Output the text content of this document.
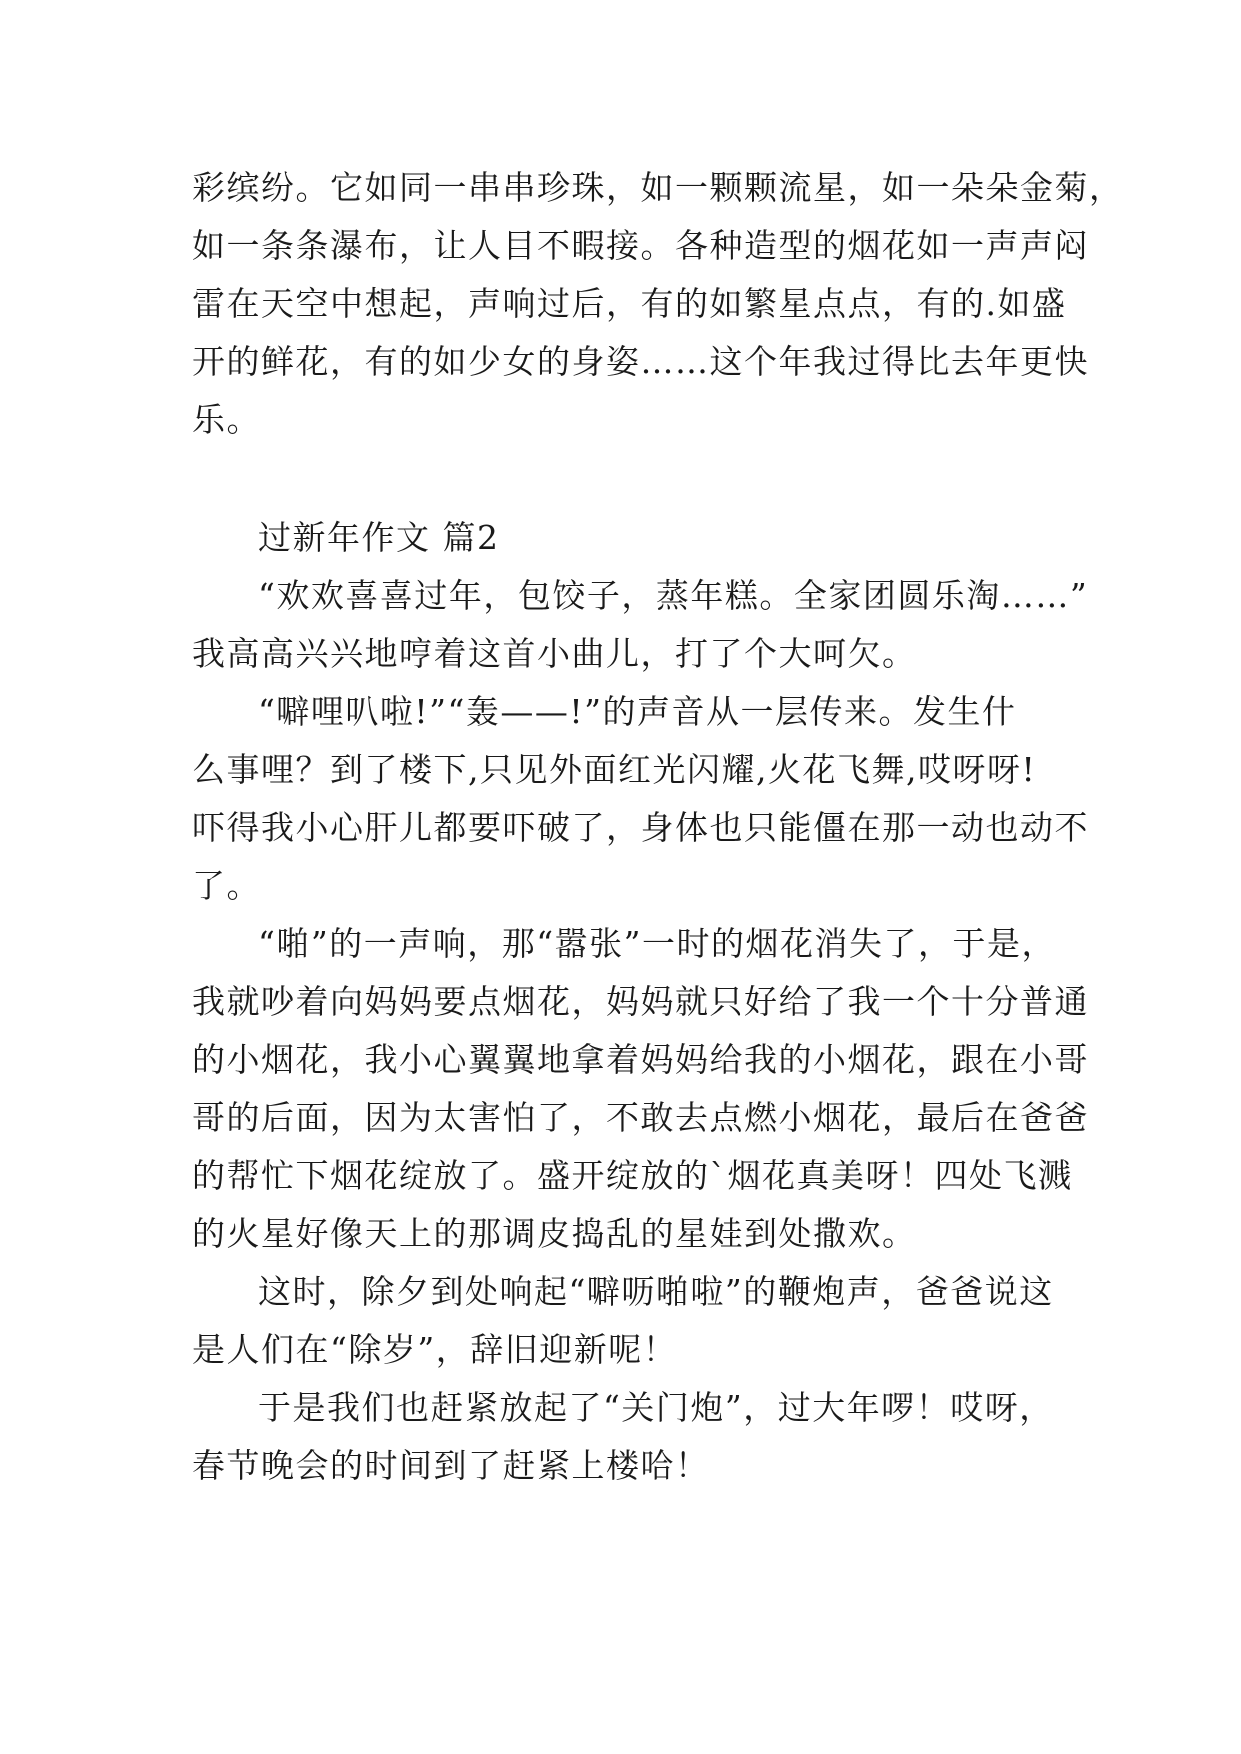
彩缤纷。它如同一串串珍珠，如一颗颗流星，如一朵朵金菊，
如一条条瀑布，让人目不暇接。各种造型的烟花如一声声闷
雷在天空中想起，声响过后，有的如繁星点点，有的.如盛
开的鲜花，有的如少女的身姿……这个年我过得比去年更快
乐。
过新年作文 篇2
“欢欢喜喜过年，包饺子，蒸年糕。全家团圆乐淘……”
我高高兴兴地哼着这首小曲儿，打了个大呵欠。
“噼哩叭啦!”“轰——!”的声音从一层传来。发生什
么事哩？到了楼下,只见外面红光闪耀,火花飞舞,哎呀呀!
吓得我小心肝儿都要吓破了，身体也只能僵在那一动也动不
了。
“啪”的一声响，那“嚣张”一时的烟花消失了，于是，
我就吵着向妈妈要点烟花，妈妈就只好给了我一个十分普通
的小烟花，我小心翼翼地拿着妈妈给我的小烟花，跟在小哥
哥的后面，因为太害怕了，不敢去点燃小烟花，最后在爸爸
的帮忙下烟花绽放了。盛开绽放的`烟花真美呀！四处飞溅
的火星好像天上的那调皮捣乱的星娃到处撒欢。
这时，除夕到处响起“噼呖啪啦”的鞭炮声，爸爸说这
是人们在“除岁”，辞旧迎新呢！
于是我们也赶紧放起了“关门炮”，过大年啰！哎呀，
春节晚会的时间到了赶紧上楼哈！
